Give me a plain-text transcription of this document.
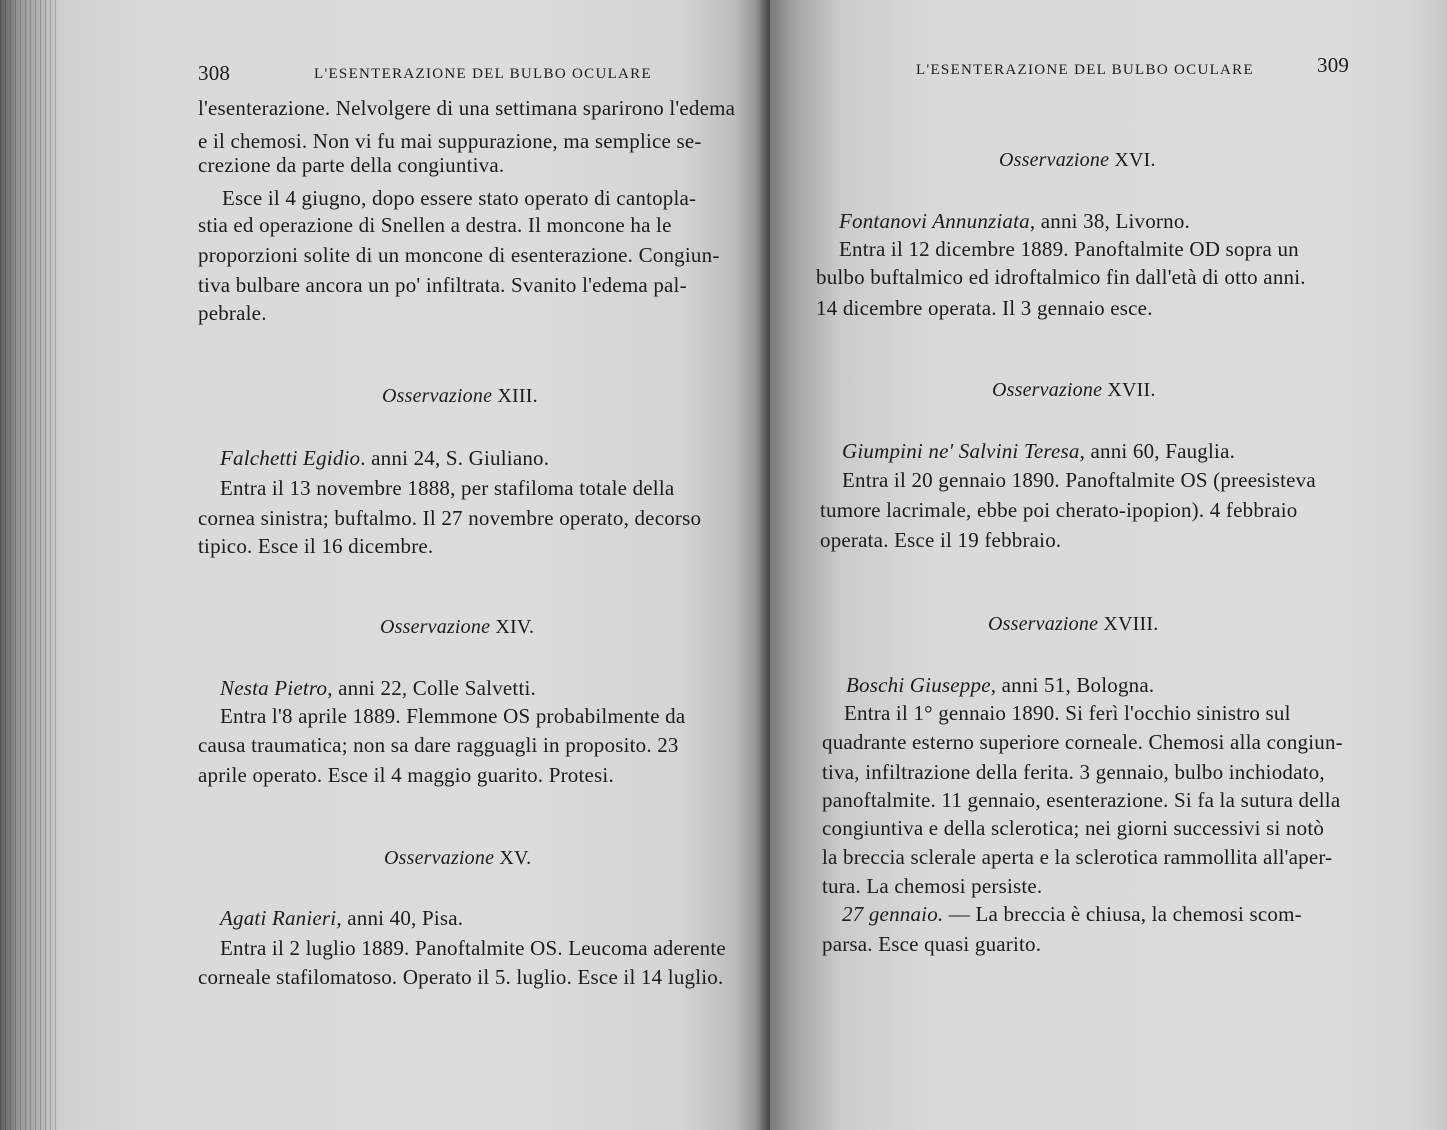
308	L'ESENTERAZIONE DEL BULBO OCULARE
l'esenterazione. Nelvolgere di una settimana sparirono l'edema
e il chemosi. Non vi fu mai suppurazione, ma semplice se-
crezione da parte della congiuntiva.
Esce il 4 giugno, dopo essere stato operato di cantopla-
stia ed operazione di Snellen a destra. Il moncone ha le
proporzioni solite di un moncone di esenterazione. Congiun-
tiva bulbare ancora un po' infiltrata. Svanito l'edema pal-
pebrale.
Osservazione XIII.
Falchetti Egidio. anni 24, S. Giuliano.
Entra il 13 novembre 1888, per stafiloma totale della
cornea sinistra; buftalmo. Il 27 novembre operato, decorso
tipico. Esce il 16 dicembre.
Osservazione XIV.
Nesta Pietro, anni 22, Colle Salvetti.
Entra l'8 aprile 1889. Flemmone OS probabilmente da
causa traumatica; non sa dare ragguagli in proposito. 23
aprile operato. Esce il 4 maggio guarito. Protesi.
Osservazione XV.
Agati Ranieri, anni 40, Pisa.
Entra il 2 luglio 1889. Panoftalmite OS. Leucoma aderente
corneale stafilomatoso. Operato il 5. luglio. Esce il 14 luglio.
L'ESENTERAZIONE DEL BULBO OCULARE	309
Osservazione XVI.
Fontanovi Annunziata, anni 38, Livorno.
Entra il 12 dicembre 1889. Panoftalmite OD sopra un
bulbo buftalmico ed idroftalmico fin dall'età di otto anni.
14 dicembre operata. Il 3 gennaio esce.
Osservazione XVII.
Giumpini ne' Salvini Teresa, anni 60, Fauglia.
Entra il 20 gennaio 1890. Panoftalmite OS (preesisteva
tumore lacrimale, ebbe poi cherato-ipopion). 4 febbraio
operata. Esce il 19 febbraio.
Osservazione XVIII.
Boschi Giuseppe, anni 51, Bologna.
Entra il 1° gennaio 1890. Si ferì l'occhio sinistro sul
quadrante esterno superiore corneale. Chemosi alla congiun-
tiva, infiltrazione della ferita. 3 gennaio, bulbo inchiodato,
panoftalmite. 11 gennaio, esenterazione. Si fa la sutura della
congiuntiva e della sclerotica; nei giorni successivi si notò
la breccia sclerale aperta e la sclerotica rammollita all'aper-
tura. La chemosi persiste.
27 gennaio. — La breccia è chiusa, la chemosi scom-
parsa. Esce quasi guarito.
